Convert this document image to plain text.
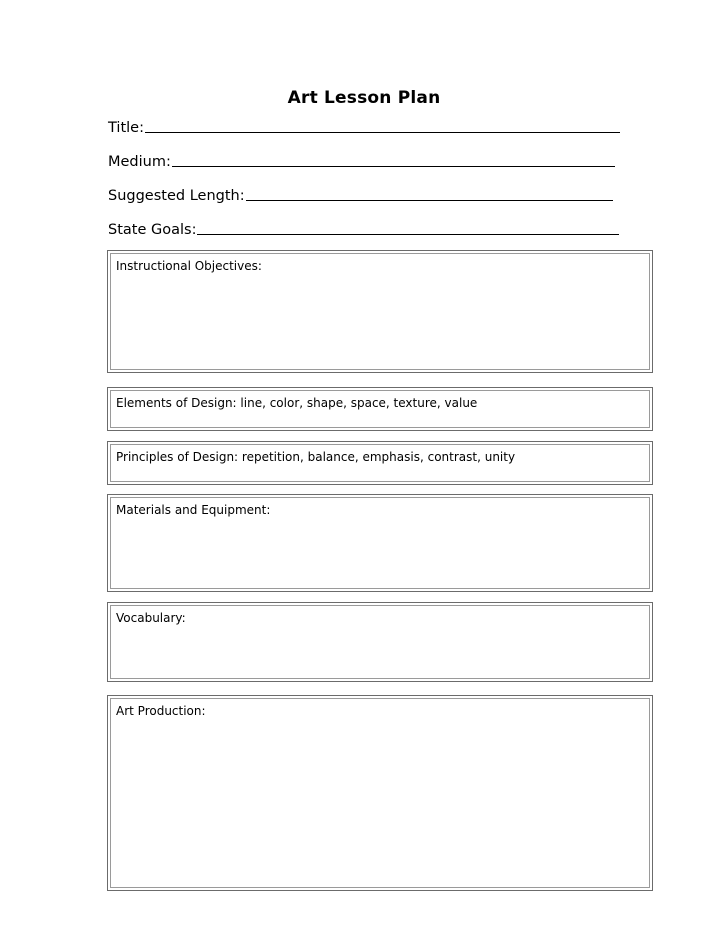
Art Lesson Plan
Title:
Medium:
Suggested Length:
State Goals:
Instructional Objectives:
Elements of Design: line, color, shape, space, texture, value
Principles of Design: repetition, balance, emphasis, contrast, unity
Materials and Equipment:
Vocabulary:
Art Production:
